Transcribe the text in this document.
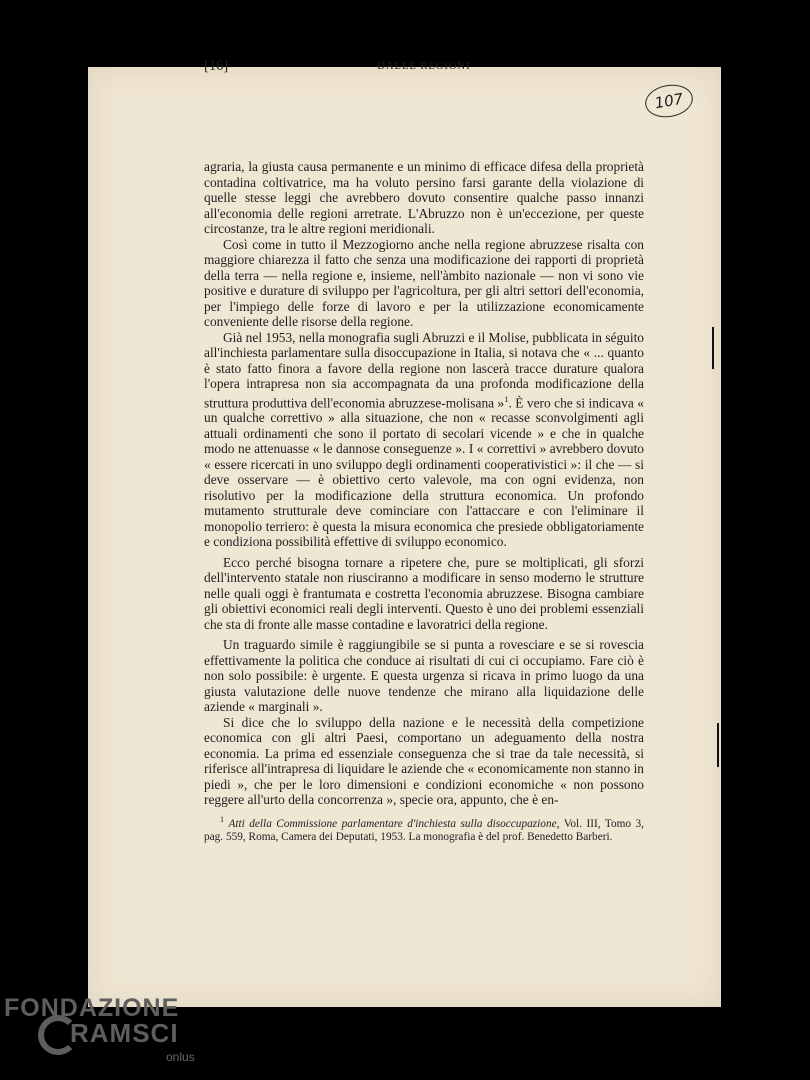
107
[16]	DALLE REGIONI

agraria, la giusta causa permanente e un minimo di efficace difesa della proprietà contadina coltivatrice, ma ha voluto persino farsi garante della violazione di quelle stesse leggi che avrebbero dovuto consentire qualche passo innanzi all'economia delle regioni arretrate. L'Abruzzo non è un'eccezione, per queste circostanze, tra le altre regioni meridionali.

Così come in tutto il Mezzogiorno anche nella regione abruzzese risalta con maggiore chiarezza il fatto che senza una modificazione dei rapporti di proprietà della terra — nella regione e, insieme, nell'àmbito nazionale — non vi sono vie positive e durature di sviluppo per l'agricoltura, per gli altri settori dell'economia, per l'impiego delle forze di lavoro e per la utilizzazione economicamente conveniente delle risorse della regione.

Già nel 1953, nella monografia sugli Abruzzi e il Molise, pubblicata in séguito all'inchiesta parlamentare sulla disoccupazione in Italia, si notava che « ... quanto è stato fatto finora a favore della regione non lascerà tracce durature qualora l'opera intrapresa non sia accompagnata da una profonda modificazione della struttura produttiva dell'economia abruzzese-molisana »$^1$. È vero che si indicava « un qualche correttivo » alla situazione, che non « recasse sconvolgimenti agli attuali ordinamenti che sono il portato di secolari vicende » e che in qualche modo ne attenuasse « le dannose conseguenze ». I « correttivi » avrebbero dovuto « essere ricercati in uno sviluppo degli ordinamenti cooperativistici »: il che — si deve osservare — è obiettivo certo valevole, ma con ogni evidenza, non risolutivo per la modificazione della struttura economica. Un profondo mutamento strutturale deve cominciare con l'attaccare e con l'eliminare il monopolio terriero: è questa la misura economica che presiede obbligatoriamente e condiziona possibilità effettive di sviluppo economico.

Ecco perché bisogna tornare a ripetere che, pure se moltiplicati, gli sforzi dell'intervento statale non riusciranno a modificare in senso moderno le strutture nelle quali oggi è frantumata e costretta l'economia abruzzese. Bisogna cambiare gli obiettivi economici reali degli interventi. Questo è uno dei problemi essenziali che sta di fronte alle masse contadine e lavoratrici della regione.

Un traguardo simile è raggiungibile se si punta a rovesciare e se si rovescia effettivamente la politica che conduce ai risultati di cui ci occupiamo. Fare ciò è non solo possibile: è urgente. E questa urgenza si ricava in primo luogo da una giusta valutazione delle nuove tendenze che mirano alla liquidazione delle aziende « marginali ».

Si dice che lo sviluppo della nazione e le necessità della competizione economica con gli altri Paesi, comportano un adeguamento della nostra economia. La prima ed essenziale conseguenza che si trae da tale necessità, si riferisce all'intrapresa di liquidare le aziende che « economicamente non stanno in piedi », che per le loro dimensioni e condizioni economiche « non possono reggere all'urto della concorrenza », specie ora, appunto, che è en-

$^1$ Atti della Commissione parlamentare d'inchiesta sulla disoccupazione, Vol. III, Tomo 3, pag. 559, Roma, Camera dei Deputati, 1953. La monografia è del prof. Benedetto Barberi.
FONDAZIONE
RAMSCI
onlus
